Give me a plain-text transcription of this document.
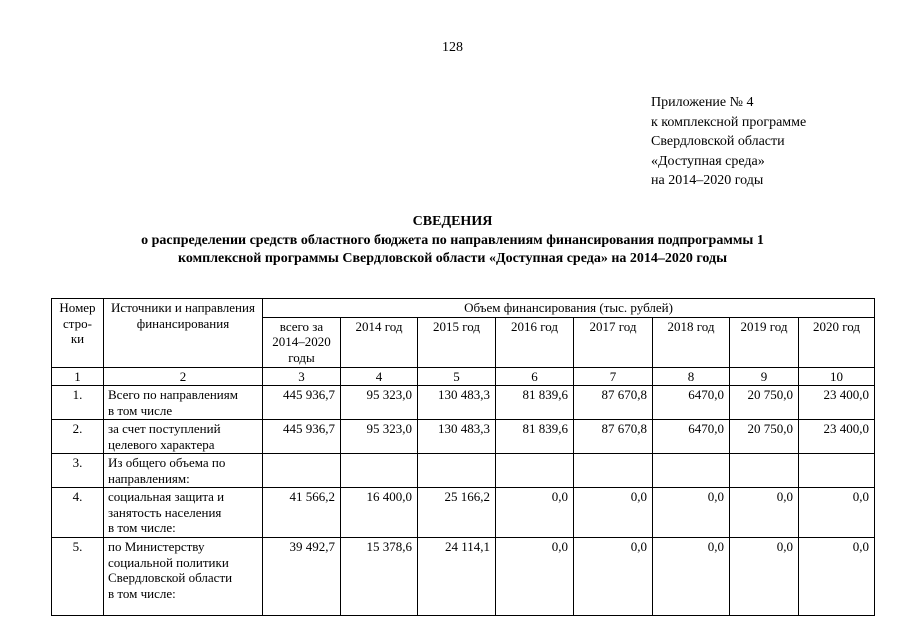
128
Приложение № 4
к комплексной программе
Свердловской области
«Доступная среда»
на 2014–2020 годы
СВЕДЕНИЯ
о распределении средств областного бюджета по направлениям финансирования подпрограммы 1
комплексной программы Свердловской области «Доступная среда» на 2014–2020 годы
Номер стро-
ки	Источники и направления финансирования	Объем финансирования (тыс. рублей)							
		всего за 2014–2020 годы	2014 год	2015 год	2016 год	2017 год	2018 год	2019 год	2020 год
1	2	3	4	5	6	7	8	9	10
1.	Всего по направлениям
в том числе	445 936,7	95 323,0	130 483,3	81 839,6	87 670,8	6470,0	20 750,0	23 400,0
2.	за счет поступлений
целевого характера	445 936,7	95 323,0	130 483,3	81 839,6	87 670,8	6470,0	20 750,0	23 400,0
3.	Из общего объема по
направлениям:								
4.	социальная защита и
занятость населения
в том числе:	41 566,2	16 400,0	25 166,2	0,0	0,0	0,0	0,0	0,0
5.	по Министерству
социальной политики
Свердловской области
в том числе:	39 492,7	15 378,6	24 114,1	0,0	0,0	0,0	0,0	0,0
